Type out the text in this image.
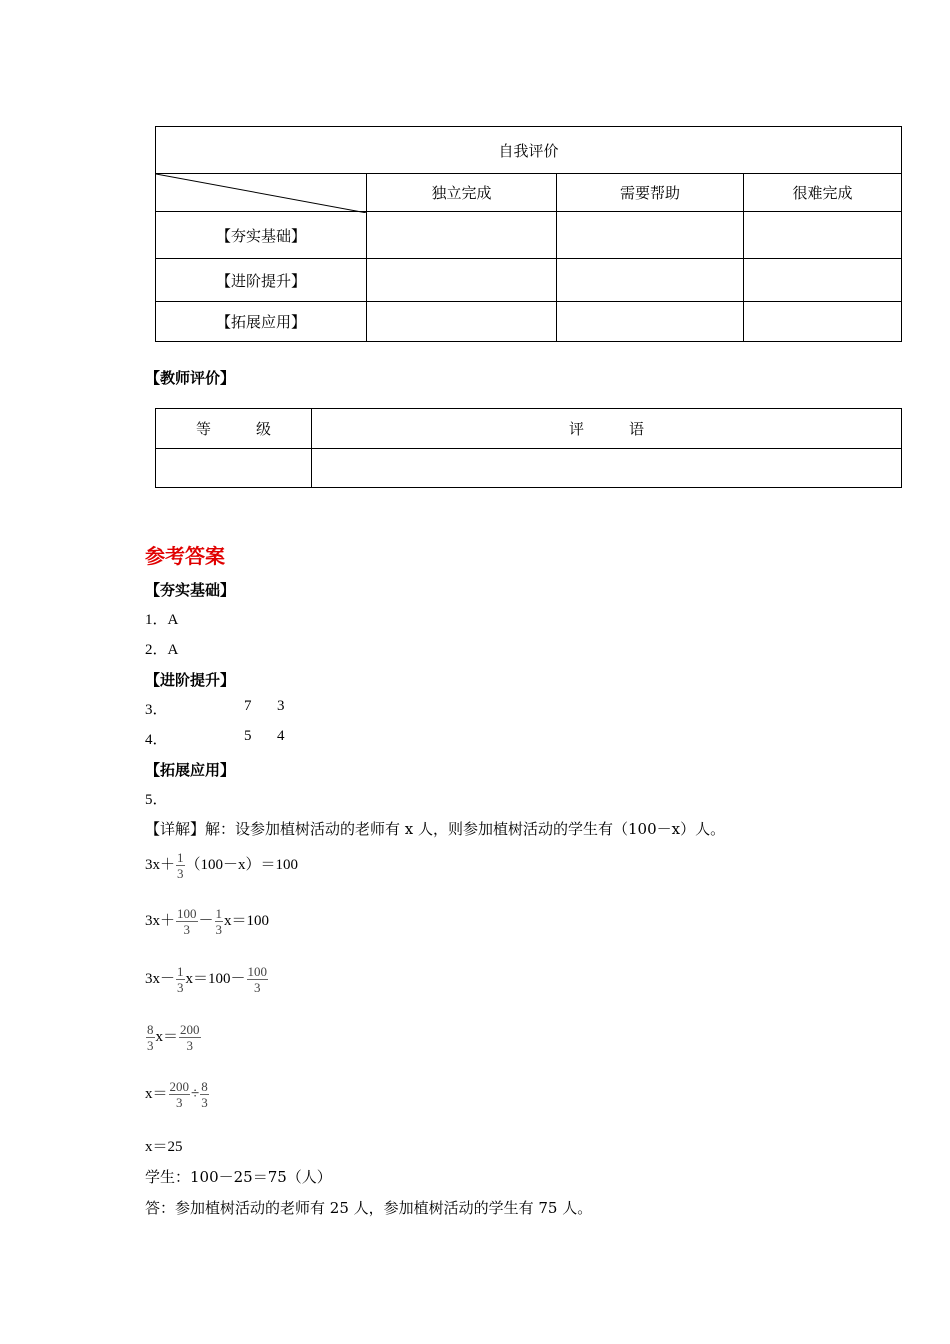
自我评价			

	独立完成	需要帮助	很难完成
【夯实基础】			
【进阶提升】			
【拓展应用】			
【教师评价】
等　　　级	评　　　语

参考答案
【夯实基础】
1．A
2．A
【进阶提升】
3．	7 3
4．	5 4
【拓展应用】
5．
【详解】解：设参加植树活动的老师有 x 人，则参加植树活动的学生有（100－x）人。
$3x+ \frac{1}{3} (100-x)=100$
$3x+ \frac{100}{3} - \frac{1}{3} x=100$
$3x- \frac{1}{3} x=100- \frac{100}{3}$
$\frac{8}{3} x= \frac{200}{3}$
$x= \frac{200}{3} \div \frac{8}{3}$
x＝25
学生：100－25＝75（人）
答：参加植树活动的老师有 25 人，参加植树活动的学生有 75 人。
